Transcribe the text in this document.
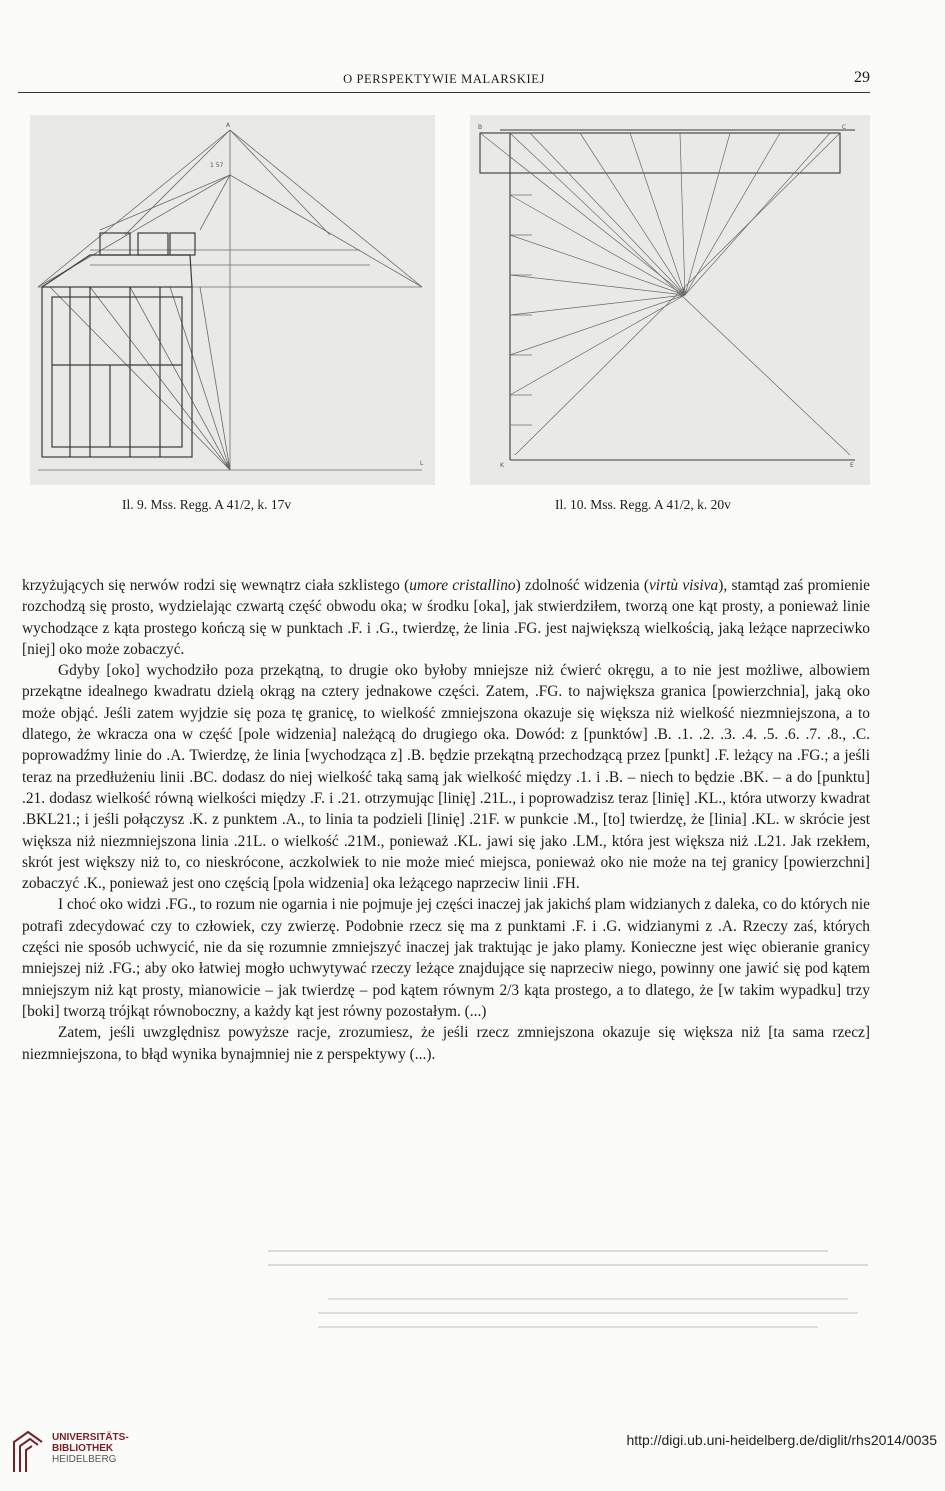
O PERSPEKTYWIE MALARSKIEJ	29
A
1 57
L
B
B	C
A
E
K
Il. 9. Mss. Regg. A 41/2, k. 17v	Il. 10. Mss. Regg. A 41/2, k. 20v

krzyżujących się nerwów rodzi się wewnątrz ciała szklistego (umore cristallino) zdolność widzenia (virtù visiva), stamtąd zaś promienie rozchodzą się prosto, wydzielając czwartą część obwodu oka; w środku [oka], jak stwierdziłem, tworzą one kąt prosty, a ponieważ linie wychodzące z kąta prostego kończą się w punktach .F. i .G., twierdzę, że linia .FG. jest największą wielkością, jaką leżące naprzeciwko [niej] oko może zobaczyć.

Gdyby [oko] wychodziło poza przekątną, to drugie oko byłoby mniejsze niż ćwierć okręgu, a to nie jest możliwe, albowiem przekątne idealnego kwadratu dzielą okrąg na cztery jednakowe części. Zatem, .FG. to największa granica [powierzchnia], jaką oko może objąć. Jeśli zatem wyjdzie się poza tę granicę, to wielkość zmniejszona okazuje się większa niż wielkość niezmniejszona, a to dlatego, że wkracza ona w część [pole widzenia] należącą do drugiego oka. Dowód: z [punktów] .B. .1. .2. .3. .4. .5. .6. .7. .8., .C. poprowadźmy linie do .A. Twierdzę, że linia [wychodząca z] .B. będzie przekątną przechodzącą przez [punkt] .F. leżący na .FG.; a jeśli teraz na przedłużeniu linii .BC. dodasz do niej wielkość taką samą jak wielkość między .1. i .B. – niech to będzie .BK. – a do [punktu] .21. dodasz wielkość równą wielkości między .F. i .21. otrzymując [linię] .21L., i poprowadzisz teraz [linię] .KL., która utworzy kwadrat .BKL21.; i jeśli połączysz .K. z punktem .A., to linia ta podzieli [linię] .21F. w punkcie .M., [to] twierdzę, że [linia] .KL. w skrócie jest większa niż niezmniejszona linia .21L. o wielkość .21M., ponieważ .KL. jawi się jako .LM., która jest większa niż .L21. Jak rzekłem, skrót jest większy niż to, co nieskrócone, aczkolwiek to nie może mieć miejsca, ponieważ oko nie może na tej granicy [powierzchni] zobaczyć .K., ponieważ jest ono częścią [pola widzenia] oka leżącego naprzeciw linii .FH.

I choć oko widzi .FG., to rozum nie ogarnia i nie pojmuje jej części inaczej jak jakichś plam widzianych z daleka, co do których nie potrafi zdecydować czy to człowiek, czy zwierzę. Podobnie rzecz się ma z punktami .F. i .G. widzianymi z .A. Rzeczy zaś, których części nie sposób uchwycić, nie da się rozumnie zmniejszyć inaczej jak traktując je jako plamy. Konieczne jest więc obieranie granicy mniejszej niż .FG.; aby oko łatwiej mogło uchwytywać rzeczy leżące znajdujące się naprzeciw niego, powinny one jawić się pod kątem mniejszym niż kąt prosty, mianowicie – jak twierdzę – pod kątem równym 2/3 kąta prostego, a to dlatego, że [w takim wypadku] trzy [boki] tworzą trójkąt równoboczny, a każdy kąt jest równy pozostałym. (...)

Zatem, jeśli uwzględnisz powyższe racje, zrozumiesz, że jeśli rzecz zmniejszona okazuje się większa niż [ta sama rzecz] niezmniejszona, to błąd wynika bynajmniej nie z perspektywy (...).

UNIVERSITÄTS-
BIBLIOTHEK
HEIDELBERG
http://digi.ub.uni-heidelberg.de/diglit/rhs2014/0035
